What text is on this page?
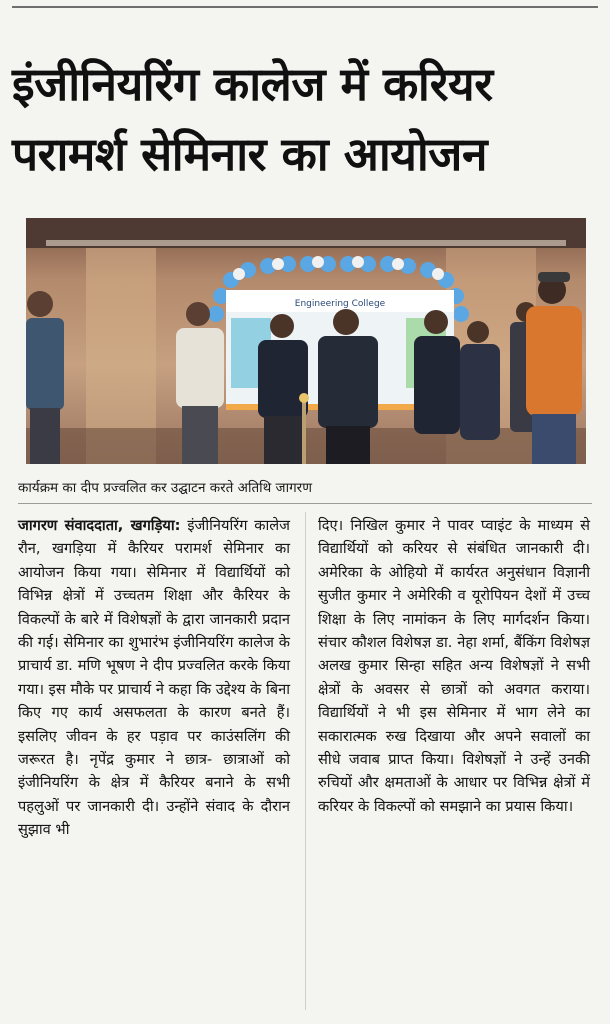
इंजीनियरिंग कालेज में करियर परामर्श सेमिनार का आयोजन
Engineering College
कार्यक्रम का दीप प्रज्वलित कर उद्घाटन करते अतिथि जागरण

जागरण संवाददाता, खगड़िया: इंजीनियरिंग कालेज रौन, खगड़िया में कैरियर परामर्श सेमिनार का आयोजन किया गया। सेमिनार में विद्यार्थियों को विभिन्न क्षेत्रों में उच्चतम शिक्षा और कैरियर के विकल्पों के बारे में विशेषज्ञों के द्वारा जानकारी प्रदान की गई। सेमिनार का शुभारंभ इंजीनियरिंग कालेज के प्राचार्य डा. मणि भूषण ने दीप प्रज्वलित करके किया गया। इस मौके पर प्राचार्य ने कहा कि उद्देश्य के बिना किए गए कार्य असफलता के कारण बनते हैं। इसलिए जीवन के हर पड़ाव पर काउंसलिंग की जरूरत है। नृपेंद्र कुमार ने छात्र- छात्राओं को इंजीनियरिंग के क्षेत्र में कैरियर बनाने के सभी पहलुओं पर जानकारी दी। उन्होंने संवाद के दौरान सुझाव भी

दिए। निखिल कुमार ने पावर प्वाइंट के माध्यम से विद्यार्थियों को करियर से संबंधित जानकारी दी। अमेरिका के ओहियो में कार्यरत अनुसंधान विज्ञानी सुजीत कुमार ने अमेरिकी व यूरोपियन देशों में उच्च शिक्षा के लिए नामांकन के लिए मार्गदर्शन किया। संचार कौशल विशेषज्ञ डा. नेहा शर्मा, बैंकिंग विशेषज्ञ अलख कुमार सिन्हा सहित अन्य विशेषज्ञों ने सभी क्षेत्रों के अवसर से छात्रों को अवगत कराया। विद्यार्थियों ने भी इस सेमिनार में भाग लेने का सकारात्मक रुख दिखाया और अपने सवालों का सीधे जवाब प्राप्त किया। विशेषज्ञों ने उन्हें उनकी रुचियों और क्षमताओं के आधार पर विभिन्न क्षेत्रों में करियर के विकल्पों को समझाने का प्रयास किया।
